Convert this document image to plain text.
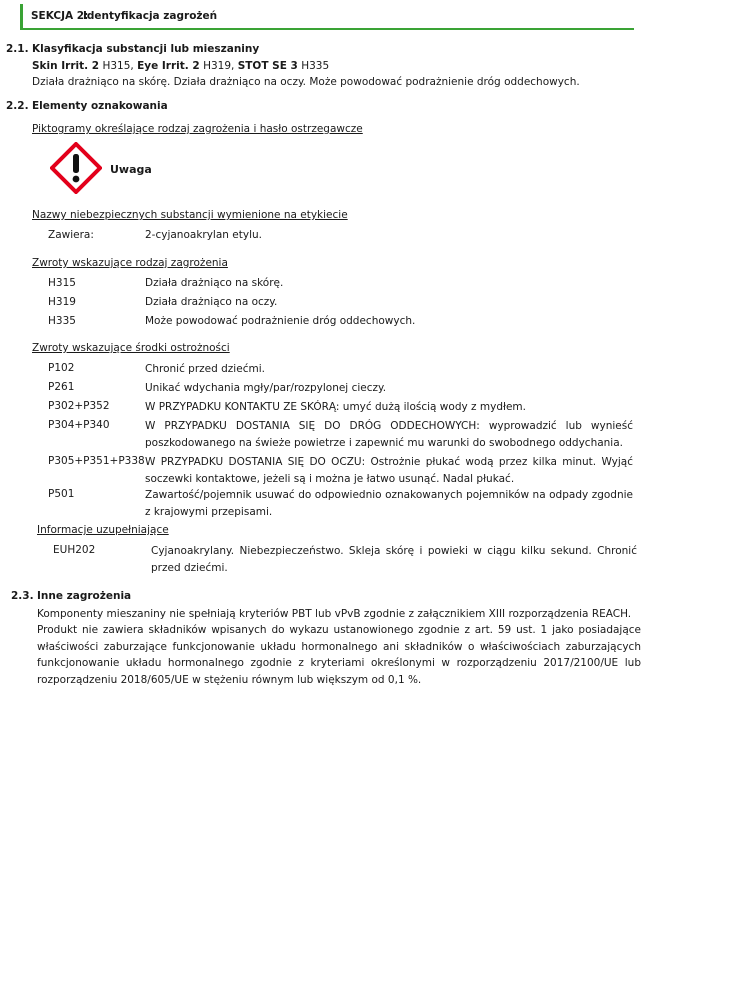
SEKCJA 2:
Identyfikacja zagrożeń
2.1. Klasyfikacja substancji lub mieszaniny
Skin Irrit. 2 H315, Eye Irrit. 2 H319, STOT SE 3 H335
Działa drażniąco na skórę. Działa drażniąco na oczy. Może powodować podrażnienie dróg oddechowych.
2.2. Elementy oznakowania
Piktogramy określające rodzaj zagrożenia i hasło ostrzegawcze
Uwaga
Nazwy niebezpiecznych substancji wymienione na etykiecie
Zawiera:	2-cyjanoakrylan etylu.
Zwroty wskazujące rodzaj zagrożenia
H315	Działa drażniąco na skórę.
H319	Działa drażniąco na oczy.
H335	Może powodować podrażnienie dróg oddechowych.
Zwroty wskazujące środki ostrożności
P102	Chronić przed dziećmi.
P261	Unikać wdychania mgły/par/rozpylonej cieczy.
P302+P352	W PRZYPADKU KONTAKTU ZE SKÓRĄ: umyć dużą ilością wody z mydłem.
P304+P340	W PRZYPADKU DOSTANIA SIĘ DO DRÓG ODDECHOWYCH: wyprowadzić lub wynieść poszkodowanego na świeże powietrze i zapewnić mu warunki do swobodnego oddychania.
P305+P351+P338 W PRZYPADKU DOSTANIA SIĘ DO OCZU: Ostrożnie płukać wodą przez kilka minut. Wyjąć soczewki kontaktowe, jeżeli są i można je łatwo usunąć. Nadal płukać.
P501	Zawartość/pojemnik usuwać do odpowiednio oznakowanych pojemników na odpady zgodnie z krajowymi przepisami.
Informacje uzupełniające
EUH202	Cyjanoakrylany. Niebezpieczeństwo. Skleja skórę i powieki w ciągu kilku sekund. Chronić przed dziećmi.
2.3. Inne zagrożenia
Komponenty mieszaniny nie spełniają kryteriów PBT lub vPvB zgodnie z załącznikiem XIII rozporządzenia REACH.
Produkt nie zawiera składników wpisanych do wykazu ustanowionego zgodnie z art. 59 ust. 1 jako posiadające właściwości zaburzające funkcjonowanie układu hormonalnego ani składników o właściwościach zaburzających funkcjonowanie układu hormonalnego zgodnie z kryteriami określonymi w rozporządzeniu 2017/2100/UE lub rozporządzeniu 2018/605/UE w stężeniu równym lub większym od 0,1 %.
